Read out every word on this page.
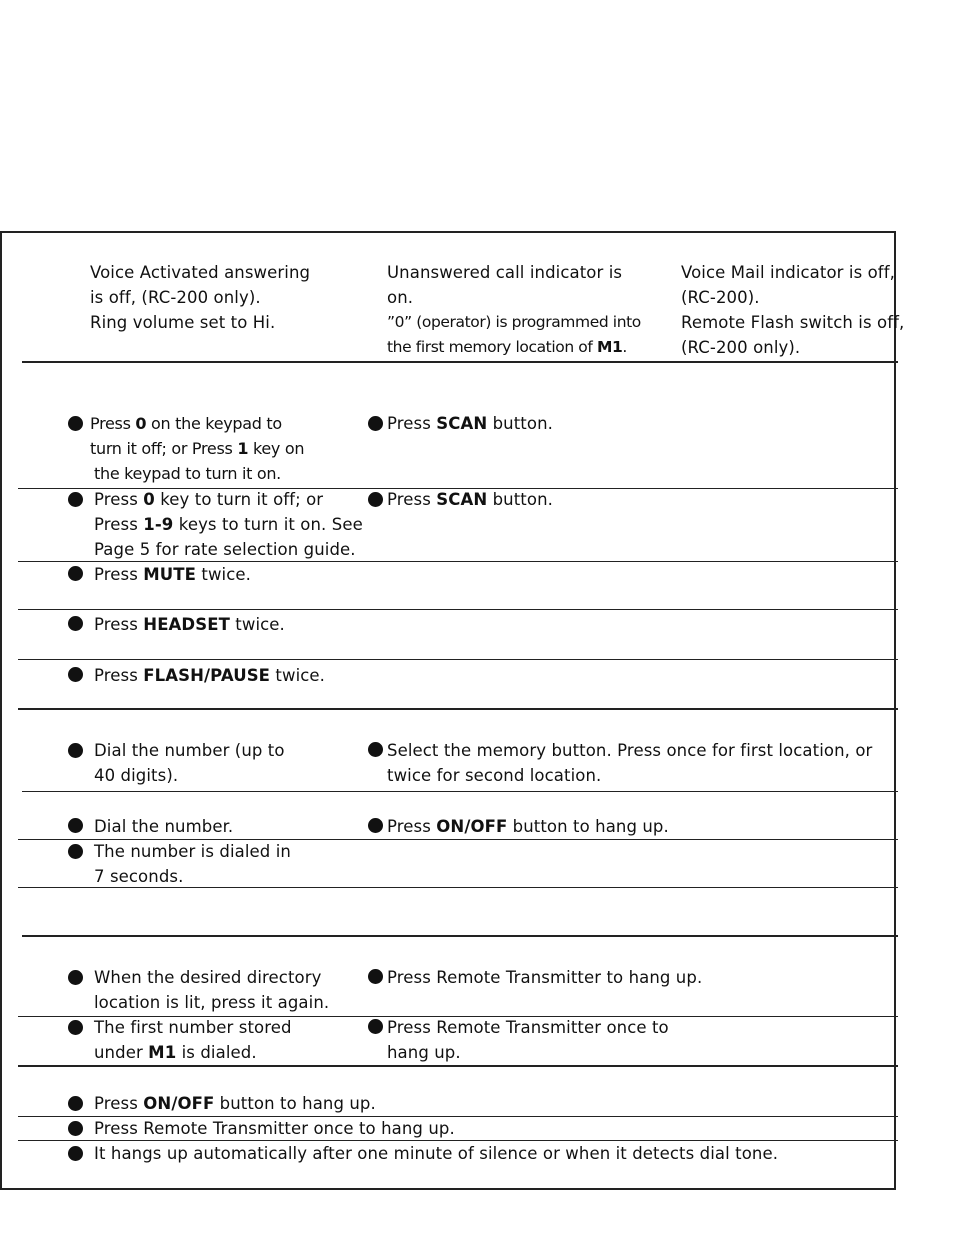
Voice Activated answering
is off, (RC-200 only).
Ring volume set to Hi.
Unanswered call indicator is
on.
”0” (operator) is programmed into
the first memory location of M1.
Voice Mail indicator is off,
(RC-200).
Remote Flash switch is off,
(RC-200 only).
Press 0 on the keypad to
turn it off; or Press 1 key on
the keypad to turn it on.
Press SCAN button.
Press 0 key to turn it off; or
Press 1-9 keys to turn it on. See
Page 5 for rate selection guide.
Press SCAN button.
Press MUTE twice.
Press HEADSET twice.
Press FLASH/PAUSE twice.
Dial the number (up to
40 digits).
Select the memory button. Press once for first location, or
twice for second location.
Dial the number.	Press ON/OFF button to hang up.
The number is dialed in
7 seconds.
When the desired directory
location is lit, press it again.
Press Remote Transmitter to hang up.
The first number stored
under M1 is dialed.
Press Remote Transmitter once to
hang up.
Press ON/OFF button to hang up.
Press Remote Transmitter once to hang up.
It hangs up automatically after one minute of silence or when it detects dial tone.
